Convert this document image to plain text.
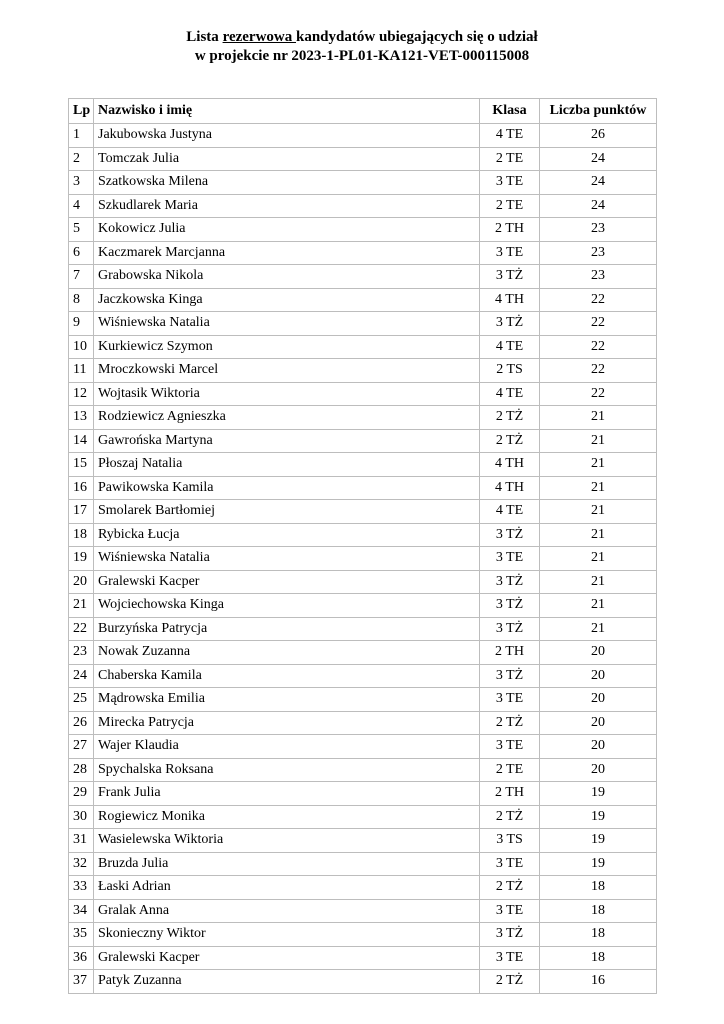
Lista rezerwowa kandydatów ubiegających się o udział
w projekcie nr 2023-1-PL01-KA121-VET-000115008
Lp	Nazwisko i imię	Klasa	Liczba punktów
1	Jakubowska Justyna	4 TE	26
2	Tomczak Julia	2 TE	24
3	Szatkowska Milena	3 TE	24
4	Szkudlarek Maria	2 TE	24
5	Kokowicz Julia	2 TH	23
6	Kaczmarek Marcjanna	3 TE	23
7	Grabowska Nikola	3 TŻ	23
8	Jaczkowska Kinga	4 TH	22
9	Wiśniewska Natalia	3 TŻ	22
10	Kurkiewicz Szymon	4 TE	22
11	Mroczkowski Marcel	2 TS	22
12	Wojtasik Wiktoria	4 TE	22
13	Rodziewicz Agnieszka	2 TŻ	21
14	Gawrońska Martyna	2 TŻ	21
15	Płoszaj Natalia	4 TH	21
16	Pawikowska Kamila	4 TH	21
17	Smolarek Bartłomiej	4 TE	21
18	Rybicka Łucja	3 TŻ	21
19	Wiśniewska Natalia	3 TE	21
20	Gralewski Kacper	3 TŻ	21
21	Wojciechowska Kinga	3 TŻ	21
22	Burzyńska Patrycja	3 TŻ	21
23	Nowak Zuzanna	2 TH	20
24	Chaberska Kamila	3 TŻ	20
25	Mądrowska Emilia	3 TE	20
26	Mirecka Patrycja	2 TŻ	20
27	Wajer Klaudia	3 TE	20
28	Spychalska Roksana	2 TE	20
29	Frank Julia	2 TH	19
30	Rogiewicz Monika	2 TŻ	19
31	Wasielewska Wiktoria	3 TS	19
32	Bruzda Julia	3 TE	19
33	Łaski Adrian	2 TŻ	18
34	Gralak Anna	3 TE	18
35	Skonieczny Wiktor	3 TŻ	18
36	Gralewski Kacper	3 TE	18
37	Patyk Zuzanna	2 TŻ	16
